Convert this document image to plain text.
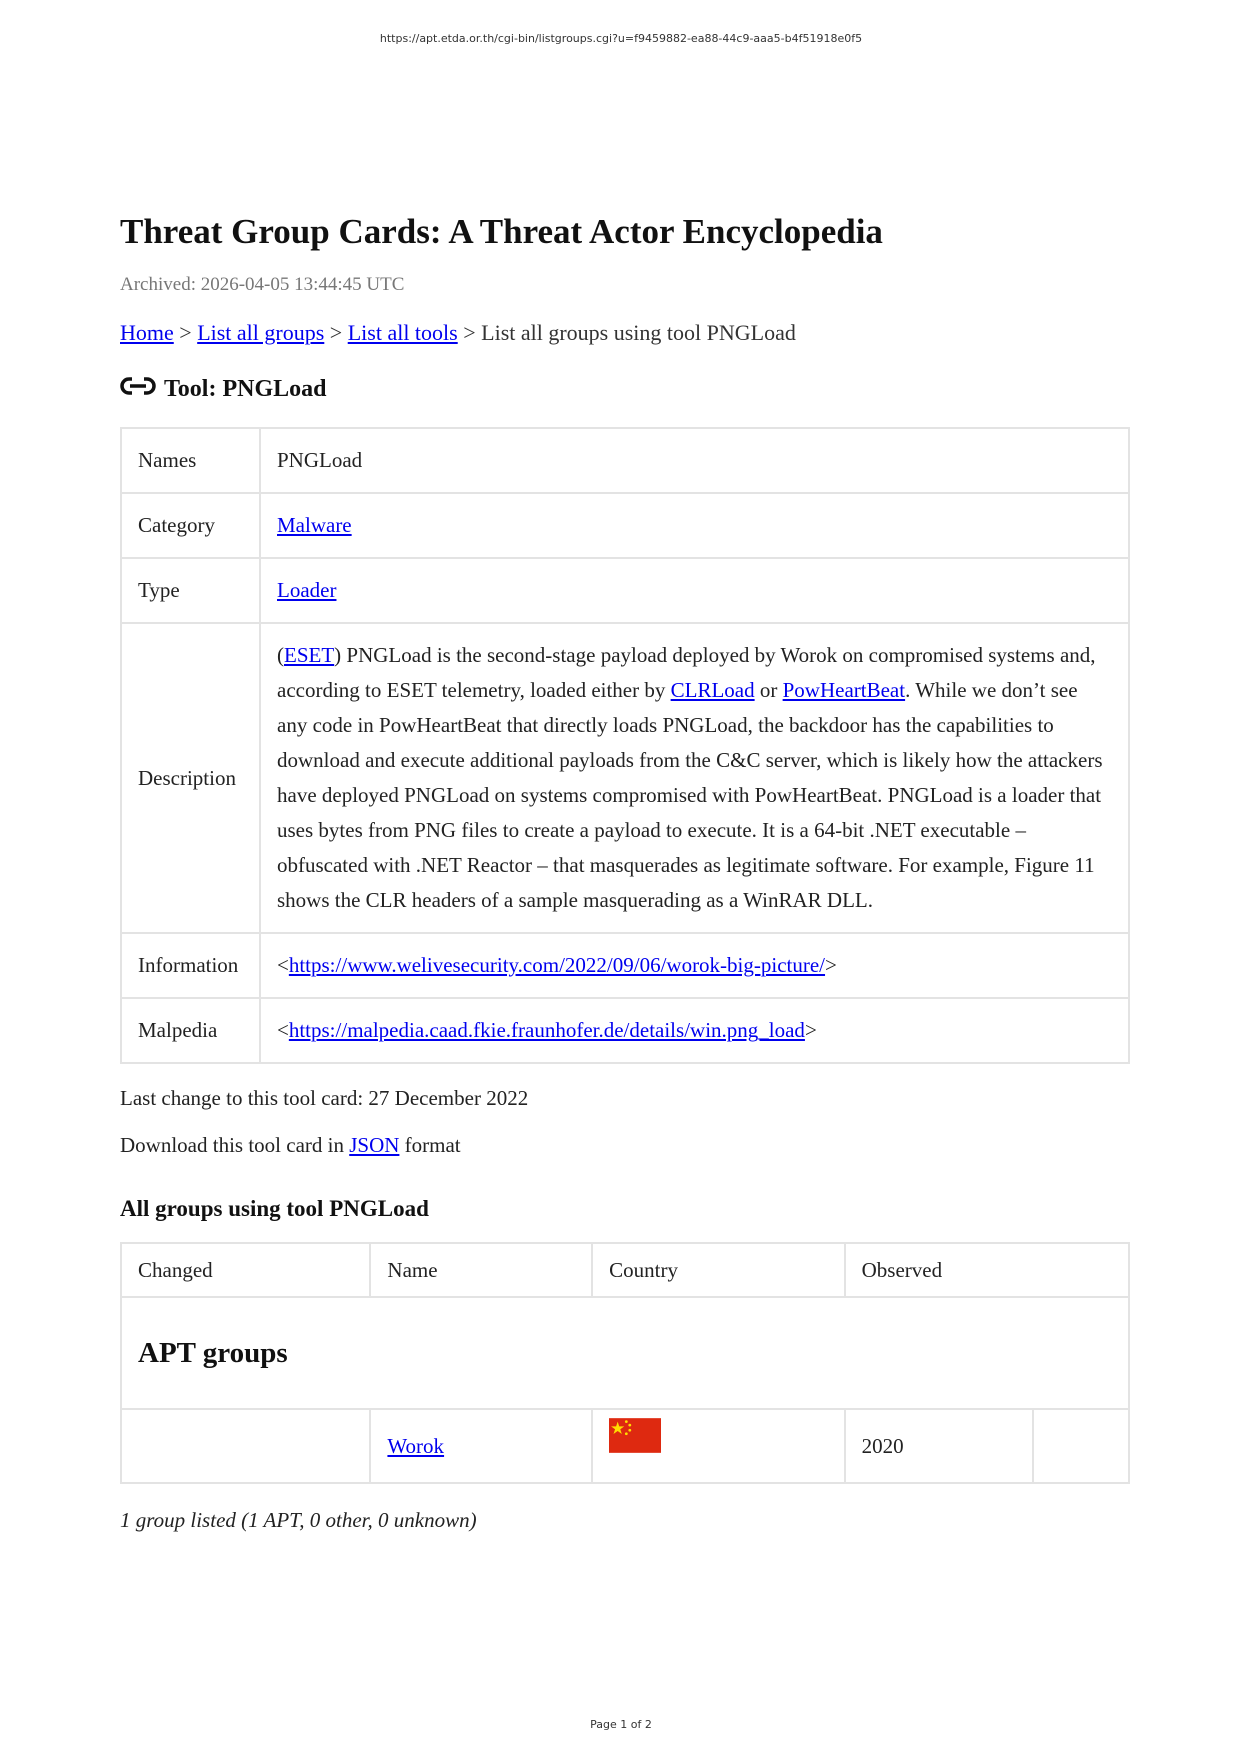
https://apt.etda.or.th/cgi-bin/listgroups.cgi?u=f9459882-ea88-44c9-aaa5-b4f51918e0f5
Threat Group Cards: A Threat Actor Encyclopedia
Archived: 2026-04-05 13:44:45 UTC
Home > List all groups > List all tools > List all groups using tool PNGLoad
Tool: PNGLoad
Names	PNGLoad
Category	Malware
Type	Loader
Description	(ESET) PNGLoad is the second-stage payload deployed by Worok on compromised systems and, according to ESET telemetry, loaded either by CLRLoad or PowHeartBeat. While we don’t see any code in PowHeartBeat that directly loads PNGLoad, the backdoor has the capabilities to download and execute additional payloads from the C&C server, which is likely how the attackers have deployed PNGLoad on systems compromised with PowHeartBeat. PNGLoad is a loader that uses bytes from PNG files to create a payload to execute. It is a 64-bit .NET executable – obfuscated with .NET Reactor – that masquerades as legitimate software. For example, Figure 11 shows the CLR headers of a sample masquerading as a WinRAR DLL.
Information	<https://www.welivesecurity.com/2022/09/06/worok-big-picture/>
Malpedia	<https://malpedia.caad.fkie.fraunhofer.de/details/win.png_load>
Last change to this tool card: 27 December 2022
Download this tool card in JSON format
All groups using tool PNGLoad
Changed	Name	Country	Observed	
APT groups				
	Worok		2020	
1 group listed (1 APT, 0 other, 0 unknown)
Page 1 of 2
